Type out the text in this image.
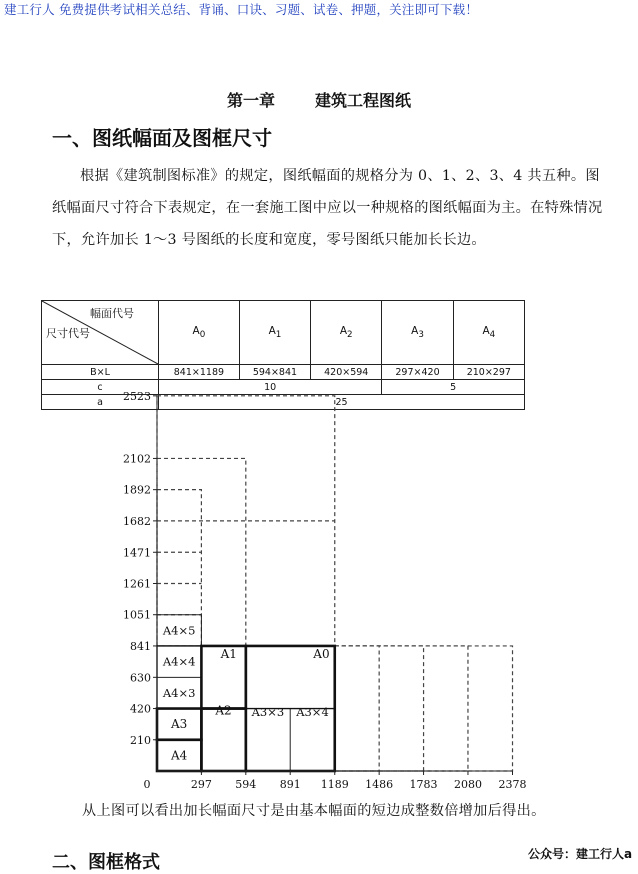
建工行人 免费提供考试相关总结、背诵、口诀、习题、试卷、押题，关注即可下载！
第一章	建筑工程图纸
一、图纸幅面及图框尺寸
根据《建筑制图标准》的规定，图纸幅面的规格分为 0、1、2、3、4 共五种。图纸幅面尺寸符合下表规定，在一套施工图中应以一种规格的图纸幅面为主。在特殊情况下，允许加长 1～3 号图纸的长度和宽度，零号图纸只能加长长边。
幅面代号
尺寸代号	$A_0$	$A_1$	$A_2$	$A_3$	$A_4$
B×L	841×1189	594×841	420×594	297×420	210×297
c	10			5	
a	25				
A4
A3
A2
A1	A0
A4×3
A4×4
A4×5
A3×3 A3×4
210
420
630
841
1051
1261
1471
1682
1892
2102
2523
0	297 594 891 1189 1486 1783 2080 2378
从上图可以看出加长幅面尺寸是由基本幅面的短边成整数倍增加后得出。
二、图框格式	公众号：建工行人a
